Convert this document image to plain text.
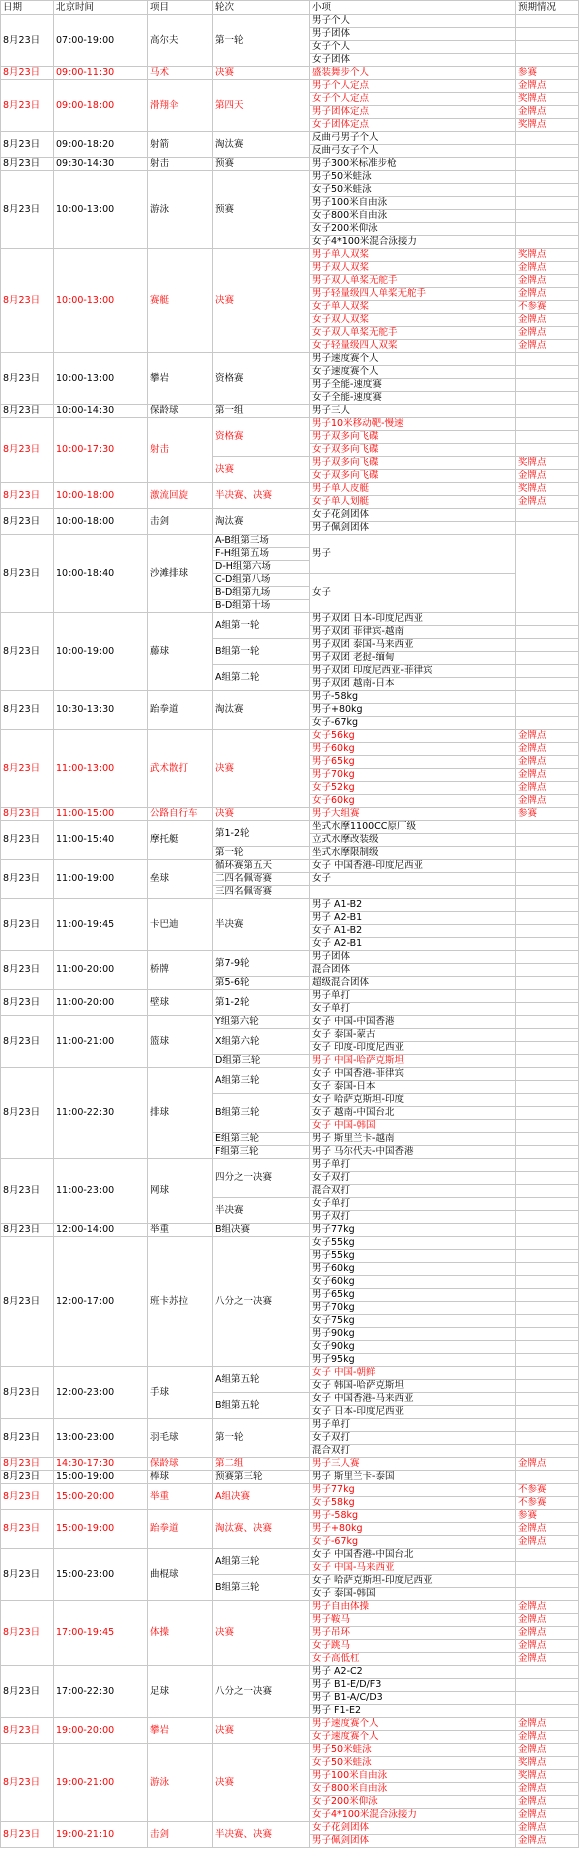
日期	北京时间	项目	轮次	小项	预期情况
8月23日	07:00-19:00	高尔夫	第一轮	男子个人	
				男子团体	
				女子个人	
				女子团体	
8月23日	09:00-11:30	马术	决赛	盛装舞步个人	参赛
8月23日	09:00-18:00	滑翔伞	第四天	男子个人定点	金牌点
				女子个人定点	奖牌点
				男子团体定点	金牌点
				女子团体定点	奖牌点
8月23日	09:00-18:20	射箭	淘汰赛	反曲弓男子个人	
				反曲弓女子个人	
8月23日	09:30-14:30	射击	预赛	男子300米标准步枪	
8月23日	10:00-13:00	游泳	预赛	男子50米蛙泳	
				女子50米蛙泳	
				男子100米自由泳	
				女子800米自由泳	
				女子200米仰泳	
				女子4*100米混合泳接力	
8月23日	10:00-13:00	赛艇	决赛	男子单人双桨	奖牌点
				男子双人双桨	金牌点
				男子双人单桨无舵手	金牌点
				男子轻量级四人单桨无舵手	金牌点
				女子单人双桨	不参赛
				女子双人双桨	金牌点
				女子双人单桨无舵手	金牌点
				女子轻量级四人双桨	金牌点
8月23日	10:00-13:00	攀岩	资格赛	男子速度赛个人	
				女子速度赛个人	
				男子全能-速度赛	
				女子全能-速度赛	
8月23日	10:00-14:30	保龄球	第一组	男子三人	
8月23日	10:00-17:30	射击	资格赛	男子10米移动靶-慢速	
				男子双多向飞碟	
				女子双多向飞碟	
			决赛	男子双多向飞碟	奖牌点
				女子双多向飞碟	金牌点
8月23日	10:00-18:00	激流回旋	半决赛、决赛	男子单人皮艇	奖牌点
				女子单人划艇	金牌点
8月23日	10:00-18:00	击剑	淘汰赛	女子花剑团体	
				男子佩剑团体	
8月23日	10:00-18:40	沙滩排球	A-B组第三场	男子	
			F-H组第五场		
			D-H组第六场		
			C-D组第八场	女子	
			B-D组第九场		
			B-D组第十场		
8月23日	10:00-19:00	藤球	A组第一轮	男子双团 日本-印度尼西亚	
				男子双团 菲律宾-越南	
			B组第一轮	男子双团 泰国-马来西亚	
				男子双团 老挝-缅甸	
			A组第二轮	男子双团 印度尼西亚-菲律宾	
				男子双团 越南-日本	
8月23日	10:30-13:30	跆拳道	淘汰赛	男子-58kg	
				男子+80kg	
				女子-67kg	
8月23日	11:00-13:00	武术散打	决赛	女子56kg	金牌点
				男子60kg	金牌点
				男子65kg	金牌点
				男子70kg	金牌点
				女子52kg	金牌点
				女子60kg	金牌点
8月23日	11:00-15:00	公路自行车	决赛	男子大组赛	参赛
8月23日	11:00-15:40	摩托艇	第1-2轮	坐式水摩1100CC原厂级	
				立式水摩改装级	
			第一轮	坐式水摩限制级	
8月23日	11:00-19:00	垒球	循环赛第五天	女子 中国香港-印度尼西亚	
			二四名佩寄赛	女子	
			三四名佩寄赛		
8月23日	11:00-19:45	卡巴迪	半决赛	男子 A1-B2	
				男子 A2-B1	
				女子 A1-B2	
				女子 A2-B1	
8月23日	11:00-20:00	桥牌	第7-9轮	男子团体	
				混合团体	
			第5-6轮	超级混合团体	
8月23日	11:00-20:00	壁球	第1-2轮	男子单打	
				女子单打	
8月23日	11:00-21:00	篮球	Y组第六轮	女子 中国-中国香港	
			X组第六轮	女子 泰国-蒙古	
				女子 印度-印度尼西亚	
			D组第三轮	男子 中国-哈萨克斯坦	
8月23日	11:00-22:30	排球	A组第三轮	女子 中国香港-菲律宾	
				女子 泰国-日本	
			B组第三轮	女子 哈萨克斯坦-印度	
				女子 越南-中国台北	
				女子 中国-韩国	
			E组第三轮	男子 斯里兰卡-越南	
			F组第三轮	男子 马尔代夫-中国香港	
8月23日	11:00-23:00	网球	四分之一决赛	男子单打	
				女子双打	
				混合双打	
			半决赛	女子单打	
				男子双打	
8月23日	12:00-14:00	举重	B组决赛	男子77kg	
8月23日	12:00-17:00	班卡苏拉	八分之一决赛	女子55kg	
				男子55kg	
				男子60kg	
				女子60kg	
				男子65kg	
				男子70kg	
				女子75kg	
				男子90kg	
				女子90kg	
				男子95kg	
8月23日	12:00-23:00	手球	A组第五轮	女子 中国-朝鲜	
				女子 韩国-哈萨克斯坦	
			B组第五轮	女子 中国香港-马来西亚	
				女子 日本-印度尼西亚	
8月23日	13:00-23:00	羽毛球	第一轮	男子单打	
				女子双打	
				混合双打	
8月23日	14:30-17:30	保龄球	第二组	男子三人赛	金牌点
8月23日	15:00-19:00	棒球	预赛第三轮	男子 斯里兰卡-泰国	
8月23日	15:00-20:00	举重	A组决赛	男子77kg	不参赛
				女子58kg	不参赛
8月23日	15:00-19:00	跆拳道	淘汰赛、决赛	男子-58kg	参赛
				男子+80kg	金牌点
				女子-67kg	金牌点
8月23日	15:00-23:00	曲棍球	A组第三轮	女子 中国香港-中国台北	
				女子 中国-马来西亚	
			B组第三轮	女子 哈萨克斯坦-印度尼西亚	
				女子 泰国-韩国	
8月23日	17:00-19:45	体操	决赛	男子自由体操	金牌点
				男子鞍马	金牌点
				男子吊环	金牌点
				女子跳马	金牌点
				女子高低杠	金牌点
8月23日	17:00-22:30	足球	八分之一决赛	男子 A2-C2	
				男子 B1-E/D/F3	
				男子 B1-A/C/D3	
				男子 F1-E2	
8月23日	19:00-20:00	攀岩	决赛	男子速度赛个人	金牌点
				女子速度赛个人	金牌点
8月23日	19:00-21:00	游泳	决赛	男子50米蛙泳	金牌点
				女子50米蛙泳	奖牌点
				男子100米自由泳	奖牌点
				女子800米自由泳	金牌点
				女子200米仰泳	金牌点
				女子4*100米混合泳接力	金牌点
8月23日	19:00-21:10	击剑	半决赛、决赛	女子花剑团体	金牌点
				男子佩剑团体	金牌点
